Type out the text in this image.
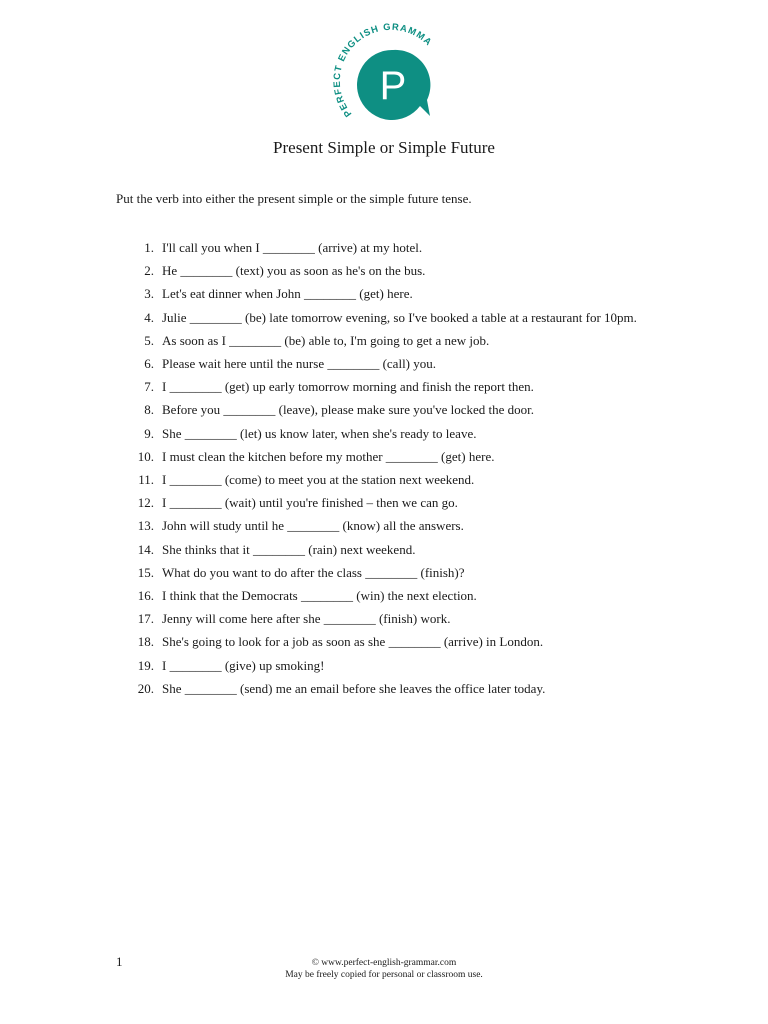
PERFECT ENGLISH GRAMMA
P
Present Simple or Simple Future

Put the verb into either the present simple or the simple future tense.

1. I'll call you when I ________ (arrive) at my hotel.
2. He ________ (text) you as soon as he's on the bus.
3. Let's eat dinner when John ________ (get) here.
4. Julie ________ (be) late tomorrow evening, so I've booked a table at a restaurant for 10pm.
5. As soon as I ________ (be) able to, I'm going to get a new job.
6. Please wait here until the nurse ________ (call) you.
7. I ________ (get) up early tomorrow morning and finish the report then.
8. Before you ________ (leave), please make sure you've locked the door.
9. She ________ (let) us know later, when she's ready to leave.
10. I must clean the kitchen before my mother ________ (get) here.
11. I ________ (come) to meet you at the station next weekend.
12. I ________ (wait) until you're finished – then we can go.
13. John will study until he ________ (know) all the answers.
14. She thinks that it ________ (rain) next weekend.
15. What do you want to do after the class ________ (finish)?
16. I think that the Democrats ________ (win) the next election.
17. Jenny will come here after she ________ (finish) work.
18. She's going to look for a job as soon as she ________ (arrive) in London.
19. I ________ (give) up smoking!
20. She ________ (send) me an email before she leaves the office later today.
1	© www.perfect-english-grammar.com
May be freely copied for personal or classroom use.
